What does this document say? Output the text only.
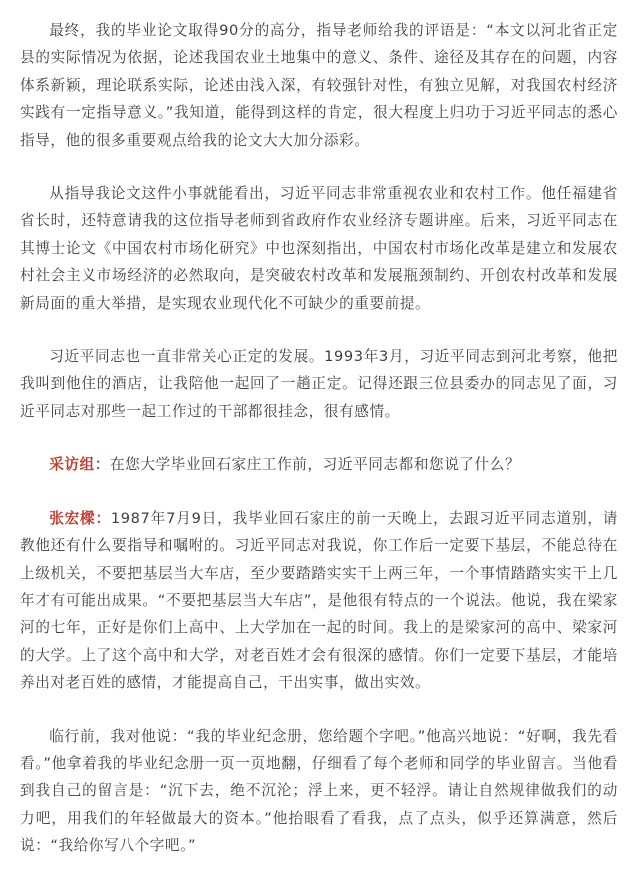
最终，我的毕业论文取得90分的高分，指导老师给我的评语是：“本文以河北省正定县的实际情况为依据，论述我国农业土地集中的意义、条件、途径及其存在的问题，内容体系新颖，理论联系实际，论述由浅入深，有较强针对性，有独立见解，对我国农村经济实践有一定指导意义。”我知道，能得到这样的肯定，很大程度上归功于习近平同志的悉心指导，他的很多重要观点给我的论文大大加分添彩。

从指导我论文这件小事就能看出，习近平同志非常重视农业和农村工作。他任福建省省长时，还特意请我的这位指导老师到省政府作农业经济专题讲座。后来，习近平同志在其博士论文《中国农村市场化研究》中也深刻指出，中国农村市场化改革是建立和发展农村社会主义市场经济的必然取向，是突破农村改革和发展瓶颈制约、开创农村改革和发展新局面的重大举措，是实现农业现代化不可缺少的重要前提。

习近平同志也一直非常关心正定的发展。1993年3月，习近平同志到河北考察，他把我叫到他住的酒店，让我陪他一起回了一趟正定。记得还跟三位县委办的同志见了面，习近平同志对那些一起工作过的干部都很挂念，很有感情。

采访组：在您大学毕业回石家庄工作前，习近平同志都和您说了什么？

张宏樑：1987年7月9日，我毕业回石家庄的前一天晚上，去跟习近平同志道别，请教他还有什么要指导和嘱咐的。习近平同志对我说，你工作后一定要下基层，不能总待在上级机关，不要把基层当大车店，至少要踏踏实实干上两三年，一个事情踏踏实实干上几年才有可能出成果。“不要把基层当大车店”，是他很有特点的一个说法。他说，我在梁家河的七年，正好是你们上高中、上大学加在一起的时间。我上的是梁家河的高中、梁家河的大学。上了这个高中和大学，对老百姓才会有很深的感情。你们一定要下基层，才能培养出对老百姓的感情，才能提高自己，干出实事，做出实效。

临行前，我对他说：“我的毕业纪念册，您给题个字吧。”他高兴地说：“好啊，我先看看。”他拿着我的毕业纪念册一页一页地翻，仔细看了每个老师和同学的毕业留言。当他看到我自己的留言是：“沉下去，绝不沉沦；浮上来，更不轻浮。请让自然规律做我们的动力吧，用我们的年轻做最大的资本。”他抬眼看了看我，点了点头，似乎还算满意，然后说：“我给你写八个字吧。”
